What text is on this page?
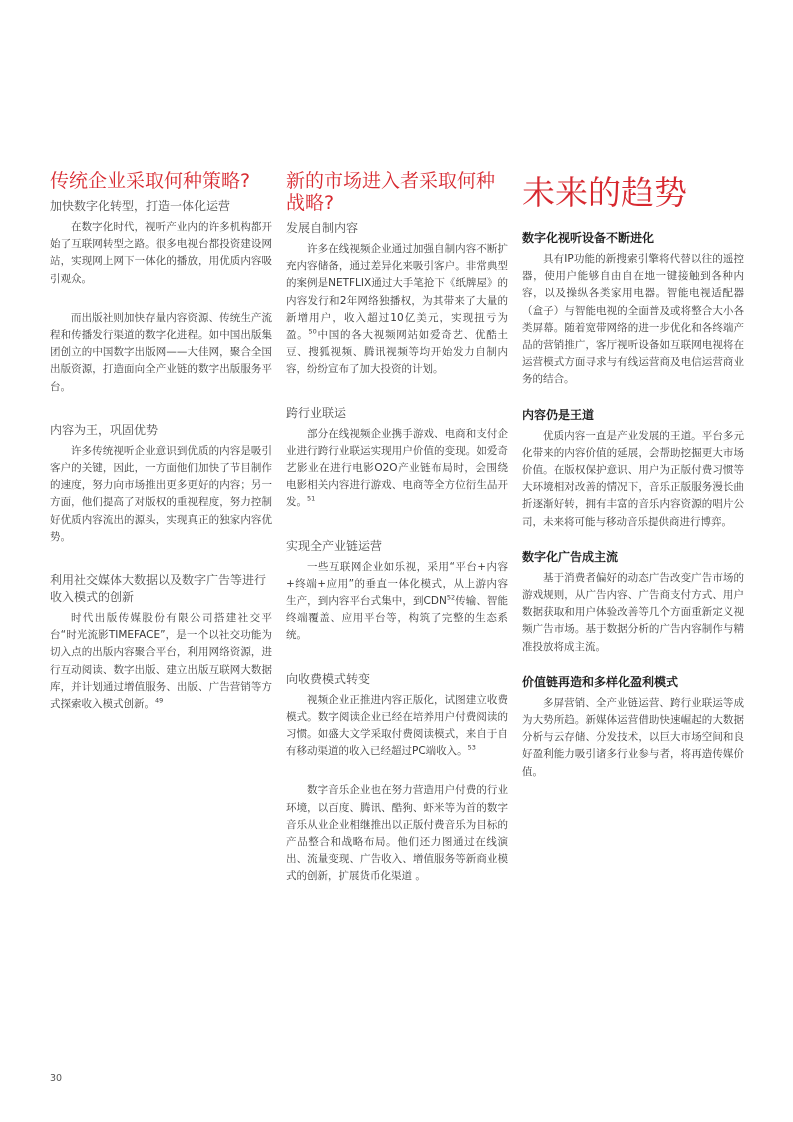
传统企业采取何种策略?
加快数字化转型，打造一体化运营

在数字化时代，视听产业内的许多机构都开始了互联网转型之路。很多电视台都投资建设网站，实现网上网下一体化的播放，用优质内容吸引观众。

而出版社则加快存量内容资源、传统生产流程和传播发行渠道的数字化进程。如中国出版集团创立的中国数字出版网——大佳网，聚合全国出版资源，打造面向全产业链的数字出版服务平台。

内容为王，巩固优势

许多传统视听企业意识到优质的内容是吸引客户的关键，因此，一方面他们加快了节目制作的速度，努力向市场推出更多更好的内容；另一方面，他们提高了对版权的重视程度，努力控制好优质内容流出的源头，实现真正的独家内容优势。

利用社交媒体大数据以及数字广告等进行收入模式的创新

时代出版传媒股份有限公司搭建社交平台“时光流影TIMEFACE”，是一个以社交功能为切入点的出版内容聚合平台，利用网络资源，进行互动阅读、数字出版、建立出版互联网大数据库，并计划通过增值服务、出版、广告营销等方式探索收入模式创新。$^{49}$

新的市场进入者采取何种战略?
发展自制内容

许多在线视频企业通过加强自制内容不断扩充内容储备，通过差异化来吸引客户。非常典型的案例是NETFLIX通过大手笔抢下《纸牌屋》的内容发行和2年网络独播权，为其带来了大量的新增用户，收入超过10亿美元，实现扭亏为盈。$^{50}$中国的各大视频网站如爱奇艺、优酷土豆、搜狐视频、腾讯视频等均开始发力自制内容，纷纷宣布了加大投资的计划。

跨行业联运

部分在线视频企业携手游戏、电商和支付企业进行跨行业联运实现用户价值的变现。如爱奇艺影业在进行电影O2O产业链布局时，会围绕电影相关内容进行游戏、电商等全方位衍生品开发。$^{51}$

实现全产业链运营

一些互联网企业如乐视，采用“平台+内容+终端+应用”的垂直一体化模式，从上游内容生产，到内容平台式集中，到CDN$^{52}$传输、智能终端覆盖、应用平台等，构筑了完整的生态系统。

向收费模式转变

视频企业正推进内容正版化，试图建立收费模式。数字阅读企业已经在培养用户付费阅读的习惯。如盛大文学采取付费阅读模式，来自于自有移动渠道的收入已经超过PC端收入。$^{53}$

数字音乐企业也在努力营造用户付费的行业环境，以百度、腾讯、酷狗、虾米等为首的数字音乐从业企业相继推出以正版付费音乐为目标的产品整合和战略布局。他们还力图通过在线演出、流量变现、广告收入、增值服务等新商业模式的创新，扩展货币化渠道 。

未来的趋势
数字化视听设备不断进化

具有IP功能的新搜索引擎将代替以往的遥控器，使用户能够自由自在地一键接触到各种内容，以及操纵各类家用电器。智能电视适配器（盒子）与智能电视的全面普及或将整合大小各类屏幕。随着宽带网络的进一步优化和各终端产品的营销推广，客厅视听设备如互联网电视将在运营模式方面寻求与有线运营商及电信运营商业务的结合。

内容仍是王道

优质内容一直是产业发展的王道。平台多元化带来的内容价值的延展，会帮助挖掘更大市场价值。在版权保护意识、用户为正版付费习惯等大环境相对改善的情况下，音乐正版服务漫长曲折逐渐好转，拥有丰富的音乐内容资源的唱片公司，未来将可能与移动音乐提供商进行博弈。

数字化广告成主流

基于消费者偏好的动态广告改变广告市场的游戏规则，从广告内容、广告商支付方式、用户数据获取和用户体验改善等几个方面重新定义视频广告市场。基于数据分析的广告内容制作与精准投放将成主流。

价值链再造和多样化盈利模式

多屏营销、全产业链运营、跨行业联运等成为大势所趋。新媒体运营借助快速崛起的大数据分析与云存储、分发技术，以巨大市场空间和良好盈利能力吸引诸多行业参与者，将再造传媒价值。

30
